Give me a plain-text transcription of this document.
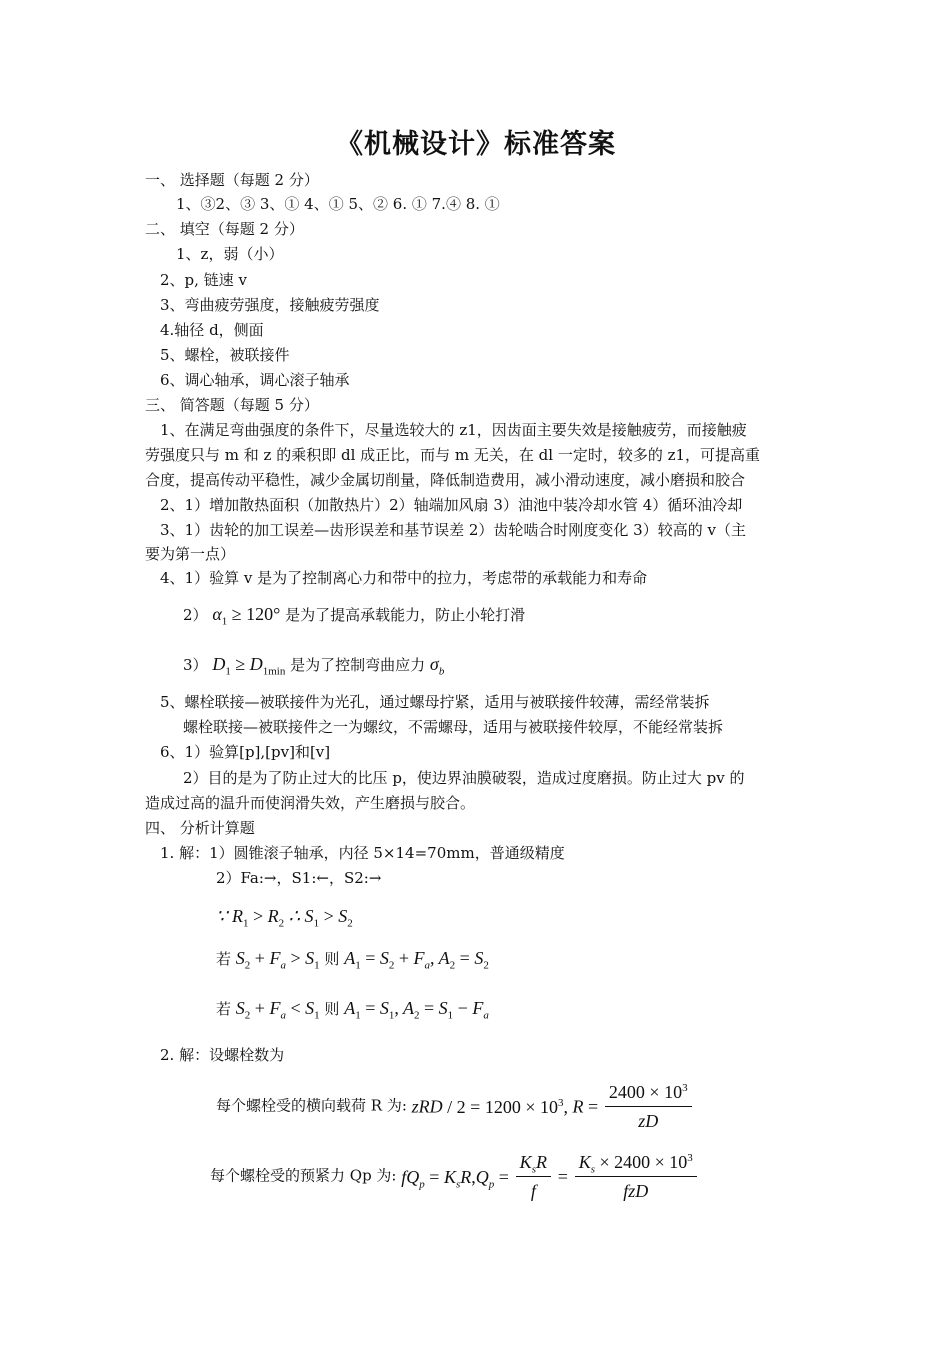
《机械设计》标准答案
一、 选择题（每题 2 分）
1、③2、③ 3、① 4、① 5、② 6. ① 7.④ 8. ①
二、 填空（每题 2 分）
1、z，弱（小）
2、p, 链速 v
3、弯曲疲劳强度，接触疲劳强度
4.轴径 d，侧面
5、螺栓，被联接件
6、调心轴承，调心滚子轴承
三、 简答题（每题 5 分）
1、在满足弯曲强度的条件下，尽量选较大的 z1，因齿面主要失效是接触疲劳，而接触疲
劳强度只与 m 和 z 的乘积即 dl 成正比，而与 m 无关，在 dl 一定时，较多的 z1，可提高重
合度，提高传动平稳性，减少金属切削量，降低制造费用，减小滑动速度，减小磨损和胶合
2、1）增加散热面积（加散热片）2）轴端加风扇 3）油池中装冷却水管 4）循环油冷却
3、1）齿轮的加工误差—齿形误差和基节误差 2）齿轮啮合时刚度变化 3）较高的 v（主
要为第一点）
4、1）验算 v 是为了控制离心力和带中的拉力，考虑带的承载能力和寿命
2） $\alpha_1 \ge 120^\circ$ 是为了提高承载能力，防止小轮打滑
3） $D_1 \ge D_{1min}$ 是为了控制弯曲应力 $\sigma_b$
5、螺栓联接—被联接件为光孔，通过螺母拧紧，适用与被联接件较薄，需经常装拆
螺栓联接—被联接件之一为螺纹，不需螺母，适用与被联接件较厚，不能经常装拆
6、1）验算[p],[pv]和[v]
2）目的是为了防止过大的比压 p，使边界油膜破裂，造成过度磨损。防止过大 pv 的
造成过高的温升而使润滑失效，产生磨损与胶合。
四、 分析计算题
1. 解：1）圆锥滚子轴承，内径 5×14=70mm，普通级精度
2）Fa:→，S1:←，S2:→
∵ $R_1 > R_2$ ∴ $S_1 > S_2$
若 $S_2 + F_a > S_1$ 则 $A_1 = S_2 + F_a$, $A_2 = S_2$
若 $S_2 + F_a < S_1$ 则 $A_1 = S_1$, $A_2 = S_1 - F_a$
2. 解：设螺栓数为
每个螺栓受的横向载荷 R 为: zRD / $2 = 1200 \times 10^3$, $R = \frac{2400 \times 10^3}{zD}$
每个螺栓受的预紧力 Qp 为: $fQ_p = K_sR,Q_p = \frac{K_sR}{f} = \frac{K_s \times 2400 \times 10^3}{\text{fzD}}$
